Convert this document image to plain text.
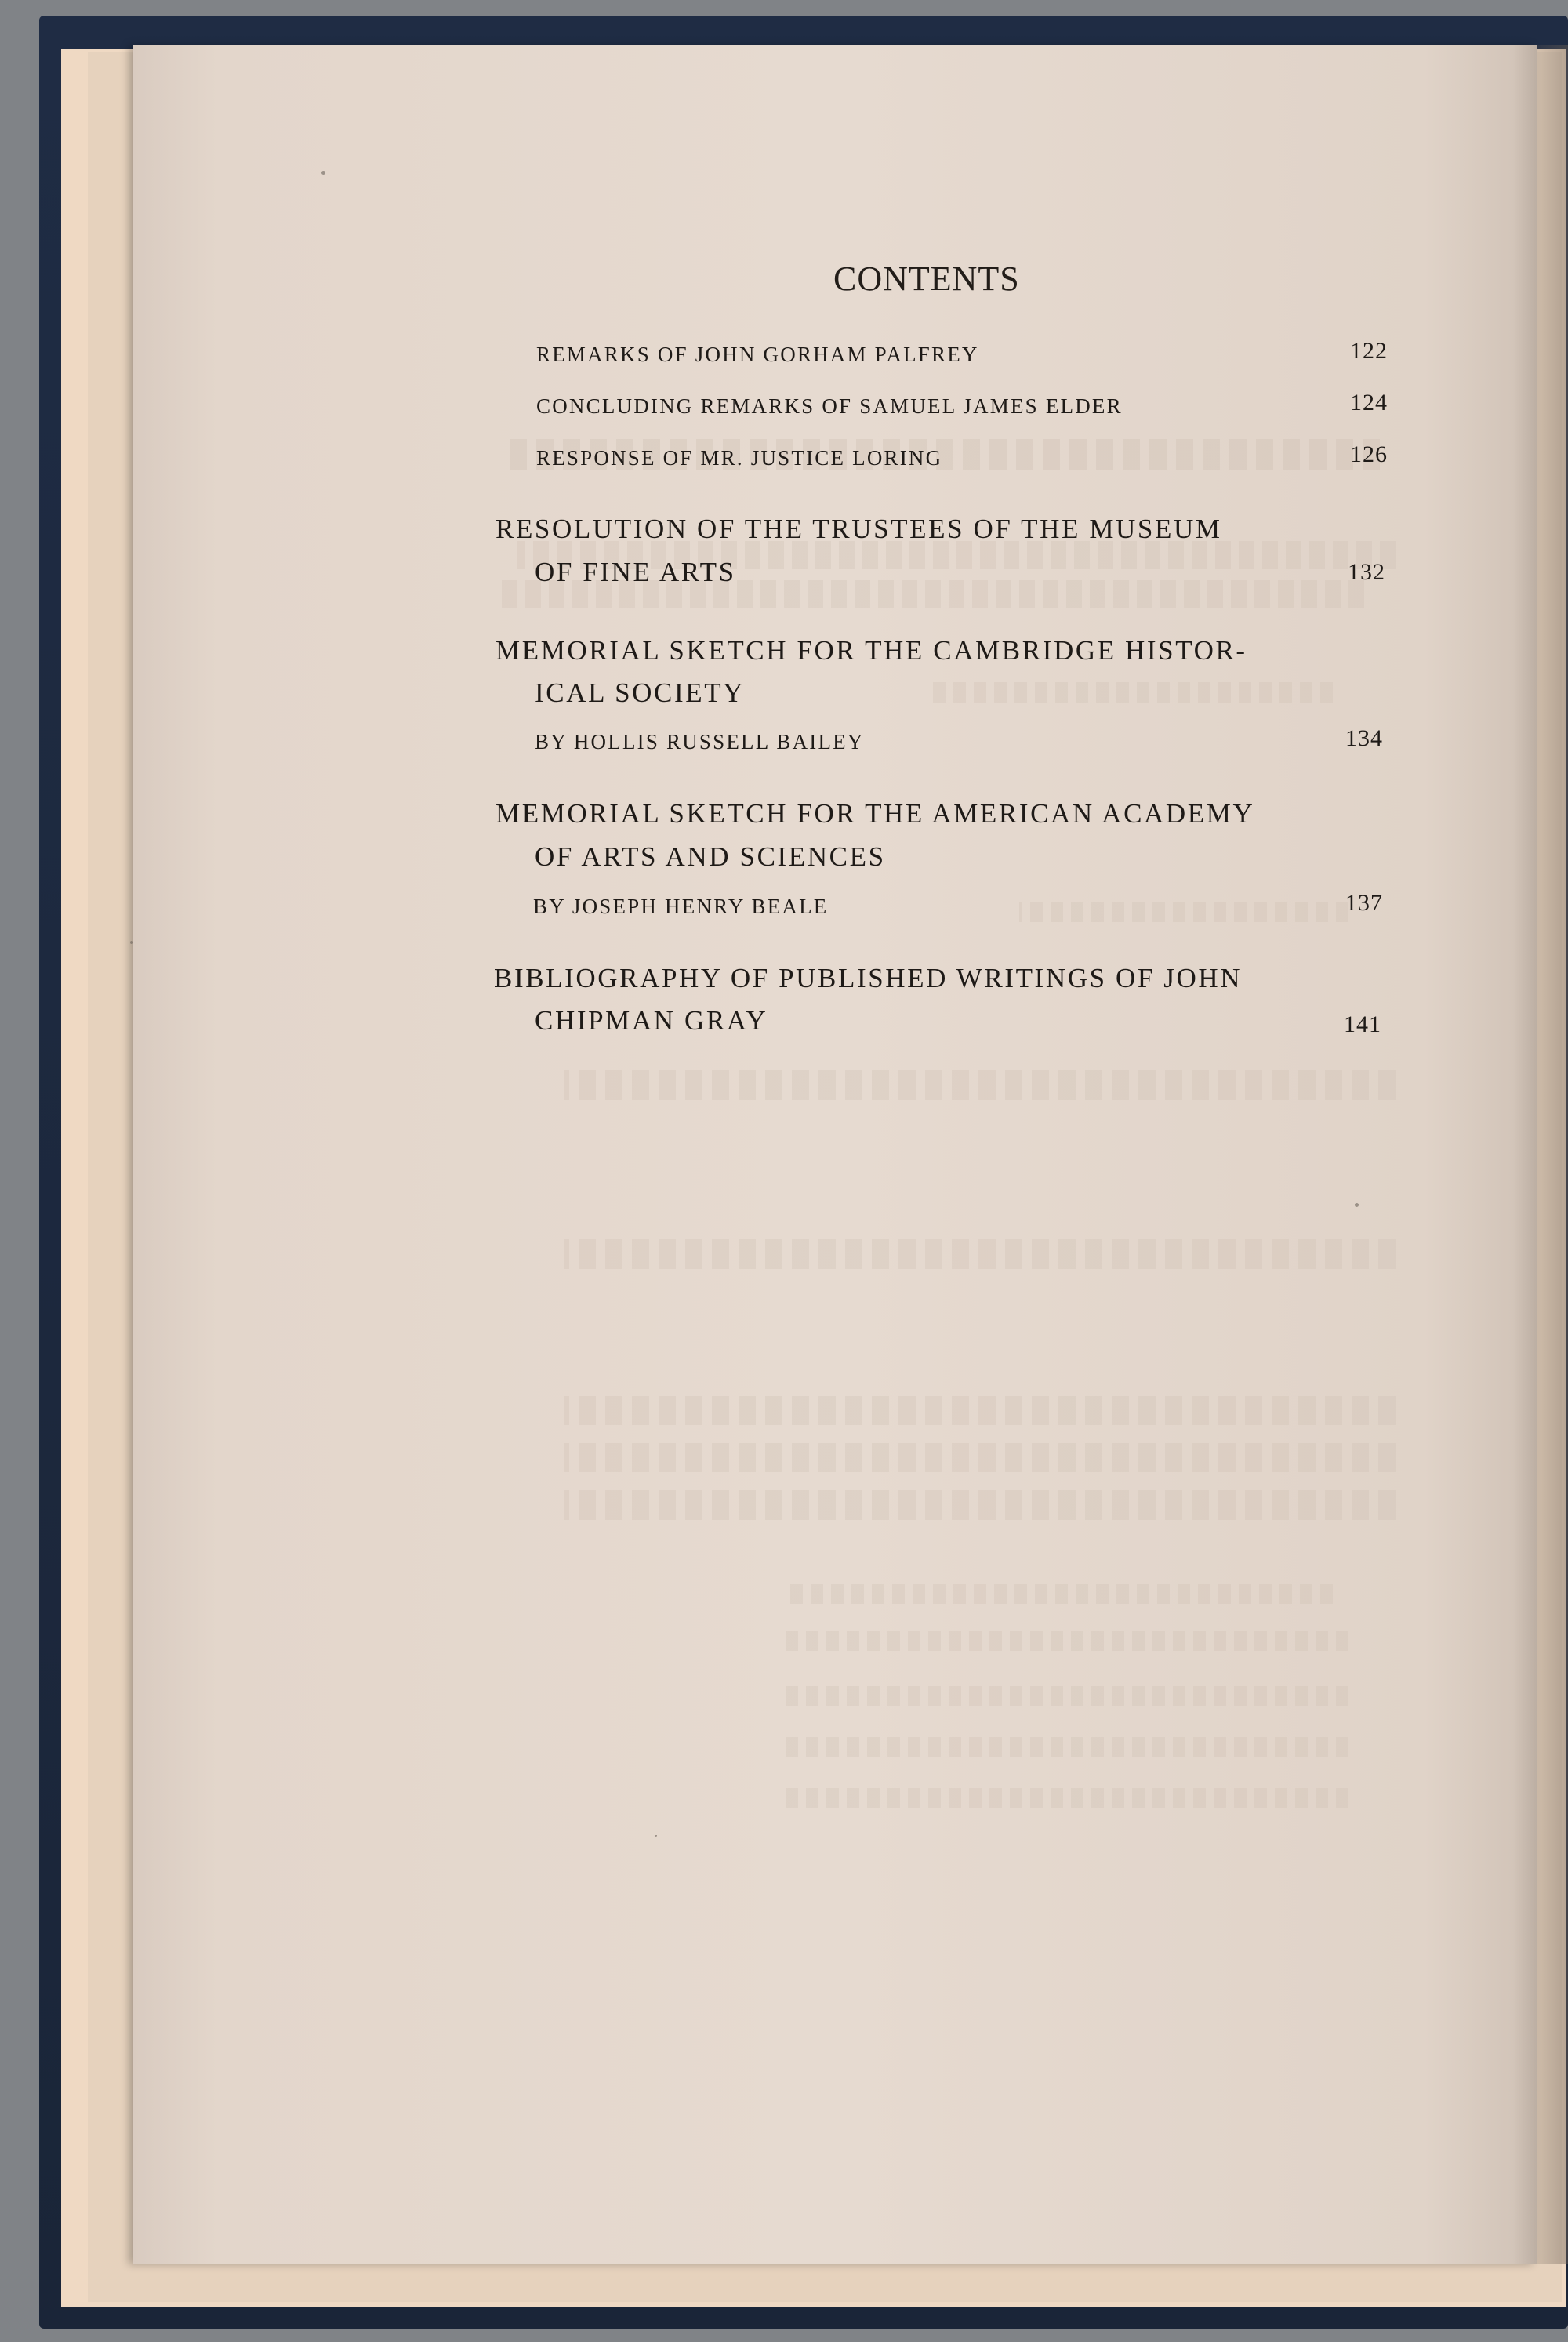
CONTENTS
REMARKS OF JOHN GORHAM PALFREY	122
CONCLUDING REMARKS OF SAMUEL JAMES ELDER	124
RESPONSE OF MR. JUSTICE LORING	126
RESOLUTION OF THE TRUSTEES OF THE MUSEUM
OF FINE ARTS	132
MEMORIAL SKETCH FOR THE CAMBRIDGE HISTOR-
ICAL SOCIETY
BY HOLLIS RUSSELL BAILEY	134
MEMORIAL SKETCH FOR THE AMERICAN ACADEMY
OF ARTS AND SCIENCES
BY JOSEPH HENRY BEALE	137
BIBLIOGRAPHY OF PUBLISHED WRITINGS OF JOHN
CHIPMAN GRAY	141
